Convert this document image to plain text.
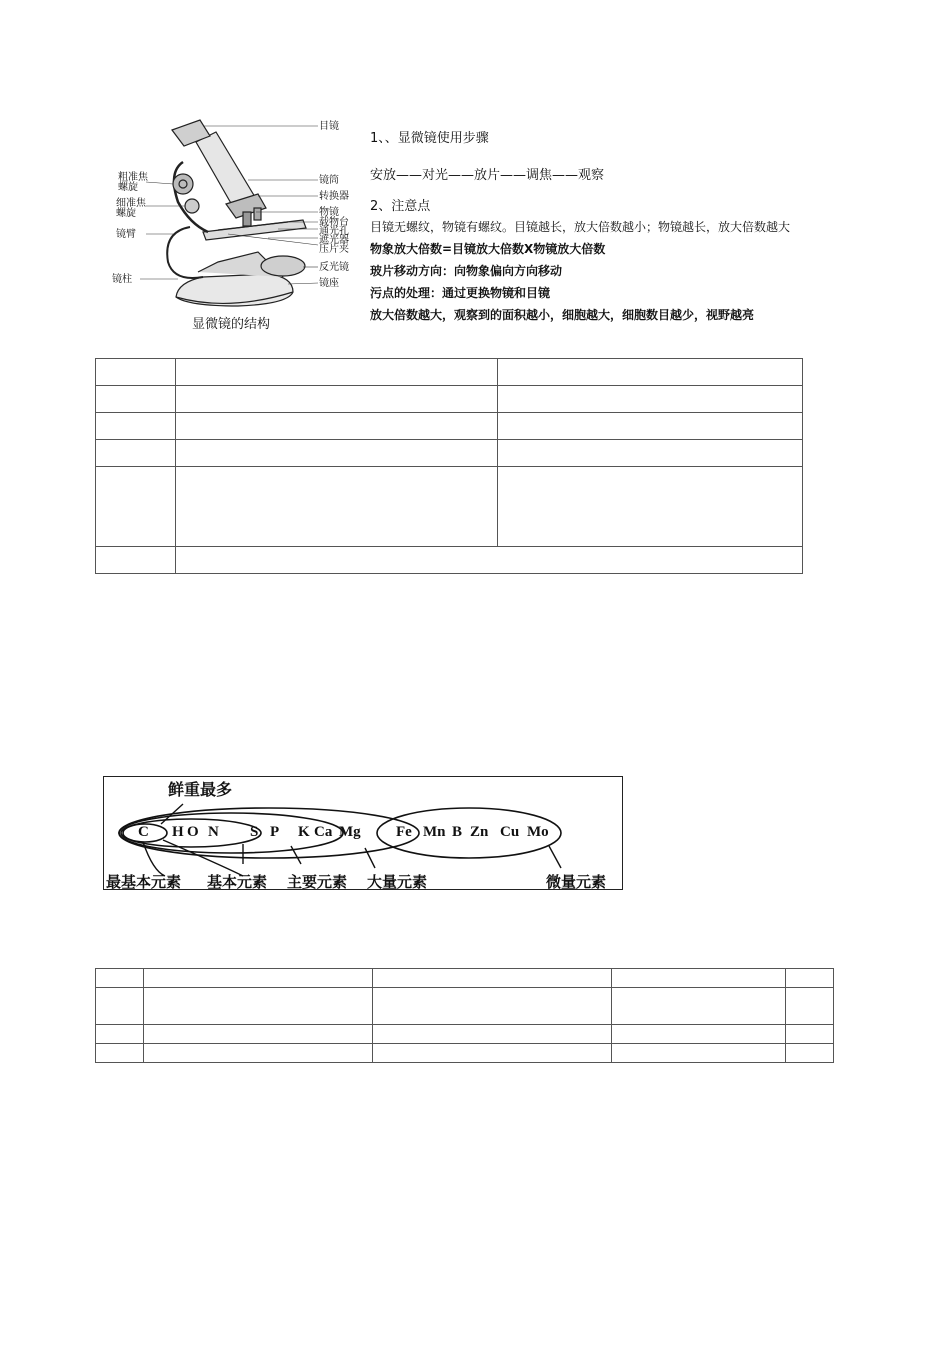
目镜
粗准焦
螺旋
细准焦
螺旋
镜筒
转换器
镜臂
物镜
载物台
通光孔
遮光器
压片夹
镜柱
反光镜
镜座
显微镜的结构
1、、显微镜使用步骤
安放——对光——放片——调焦——观察
2、注意点
目镜无螺纹，物镜有螺纹。目镜越长，放大倍数越小；物镜越长，放大倍数越大
物象放大倍数=目镜放大倍数X物镜放大倍数
玻片移动方向：向物象偏向方向移动
污点的处理：通过更换物镜和目镜
放大倍数越大，观察到的面积越小，细胞越大，细胞数目越少，视野越亮

鲜重最多
C H O N S P K Ca Mg Fe Mn B Zn Cu Mo
最基本元素 基本元素 主要元素 大量元素	微量元素
